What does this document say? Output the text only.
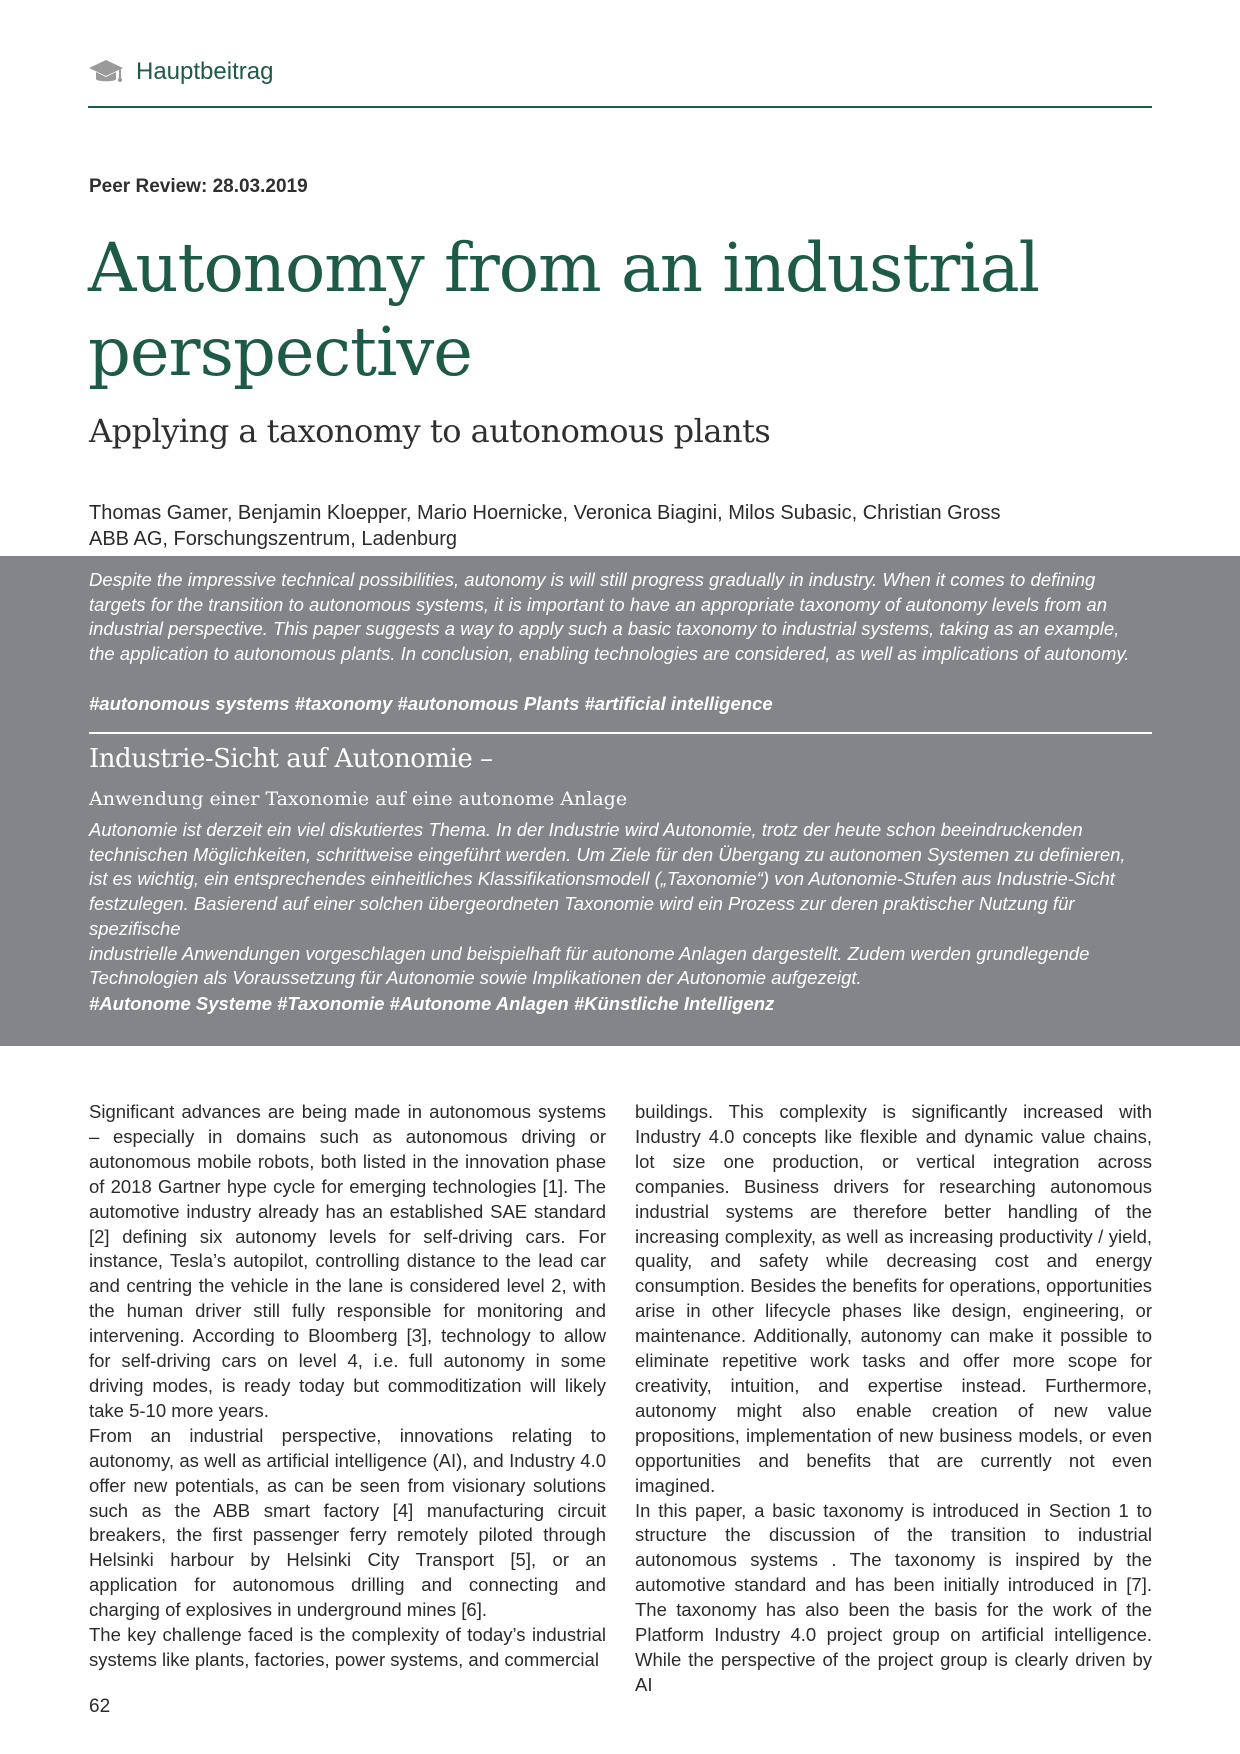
Hauptbeitrag
Peer Review: 28.03.2019
Autonomy from an industrial
perspective
Applying a taxonomy to autonomous plants
Thomas Gamer, Benjamin Kloepper, Mario Hoernicke, Veronica Biagini, Milos Subasic, Christian Gross
ABB AG, Forschungszentrum, Ladenburg
Despite the impressive technical possibilities, autonomy is will still progress gradually in industry. When it comes to defining
targets for the transition to autonomous systems, it is important to have an appropriate taxonomy of autonomy levels from an
industrial perspective. This paper suggests a way to apply such a basic taxonomy to industrial systems, taking as an example,
the application to autonomous plants. In conclusion, enabling technologies are considered, as well as implications of autonomy.
#autonomous systems #taxonomy #autonomous Plants #artificial intelligence
Industrie-Sicht auf Autonomie –
Anwendung einer Taxonomie auf eine autonome Anlage
Autonomie ist derzeit ein viel diskutiertes Thema. In der Industrie wird Autonomie, trotz der heute schon beeindruckenden
technischen Möglichkeiten, schrittweise eingeführt werden. Um Ziele für den Übergang zu autonomen Systemen zu definieren,
ist es wichtig, ein entsprechendes einheitliches Klassifikationsmodell („Taxonomie“) von Autonomie-Stufen aus Industrie-Sicht
festzulegen. Basierend auf einer solchen übergeordneten Taxonomie wird ein Prozess zur deren praktischer Nutzung für spezifische
industrielle Anwendungen vorgeschlagen und beispielhaft für autonome Anlagen dargestellt. Zudem werden grundlegende
Technologien als Voraussetzung für Autonomie sowie Implikationen der Autonomie aufgezeigt.
#Autonome Systeme #Taxonomie #Autonome Anlagen #Künstliche Intelligenz

Significant advances are being made in autonomous systems – especially in domains such as autonomous driving or autonomous mobile robots, both listed in the innovation phase of 2018 Gartner hype cycle for emerging technologies [1]. The automotive industry already has an established SAE standard [2] defining six autonomy levels for self-driving cars. For instance, Tesla’s autopilot, controlling distance to the lead car and centring the vehicle in the lane is considered level 2, with the human driver still fully responsible for monitoring and intervening. According to Bloomberg [3], technology to allow for self-driving cars on level 4, i.e. full autonomy in some driving modes, is ready today but commoditization will likely take 5-10 more years.

From an industrial perspective, innovations relating to autonomy, as well as artificial intelligence (AI), and Industry 4.0 offer new potentials, as can be seen from visionary solutions such as the ABB smart factory [4] manufacturing circuit breakers, the first passenger ferry remotely piloted through Helsinki harbour by Helsinki City Transport [5], or an application for autonomous drilling and connecting and charging of explosives in underground mines [6].

The key challenge faced is the complexity of today’s industrial systems like plants, factories, power systems, and commercial

buildings. This complexity is significantly increased with Industry 4.0 concepts like flexible and dynamic value chains, lot size one production, or vertical integration across companies. Business drivers for researching autonomous industrial systems are therefore better handling of the increasing complexity, as well as increasing productivity / yield, quality, and safety while decreasing cost and energy consumption. Besides the benefits for operations, opportunities arise in other lifecycle phases like design, engineering, or maintenance. Additionally, autonomy can make it possible to eliminate repetitive work tasks and offer more scope for creativity, intuition, and expertise instead. Furthermore, autonomy might also enable creation of new value propositions, implementation of new business models, or even opportunities and benefits that are currently not even imagined.

In this paper, a basic taxonomy is introduced in Section 1 to structure the discussion of the transition to industrial autonomous systems . The taxonomy is inspired by the automotive standard and has been initially introduced in [7]. The taxonomy has also been the basis for the work of the Platform Industry 4.0 project group on artificial intelligence. While the perspective of the project group is clearly driven by AI

62
